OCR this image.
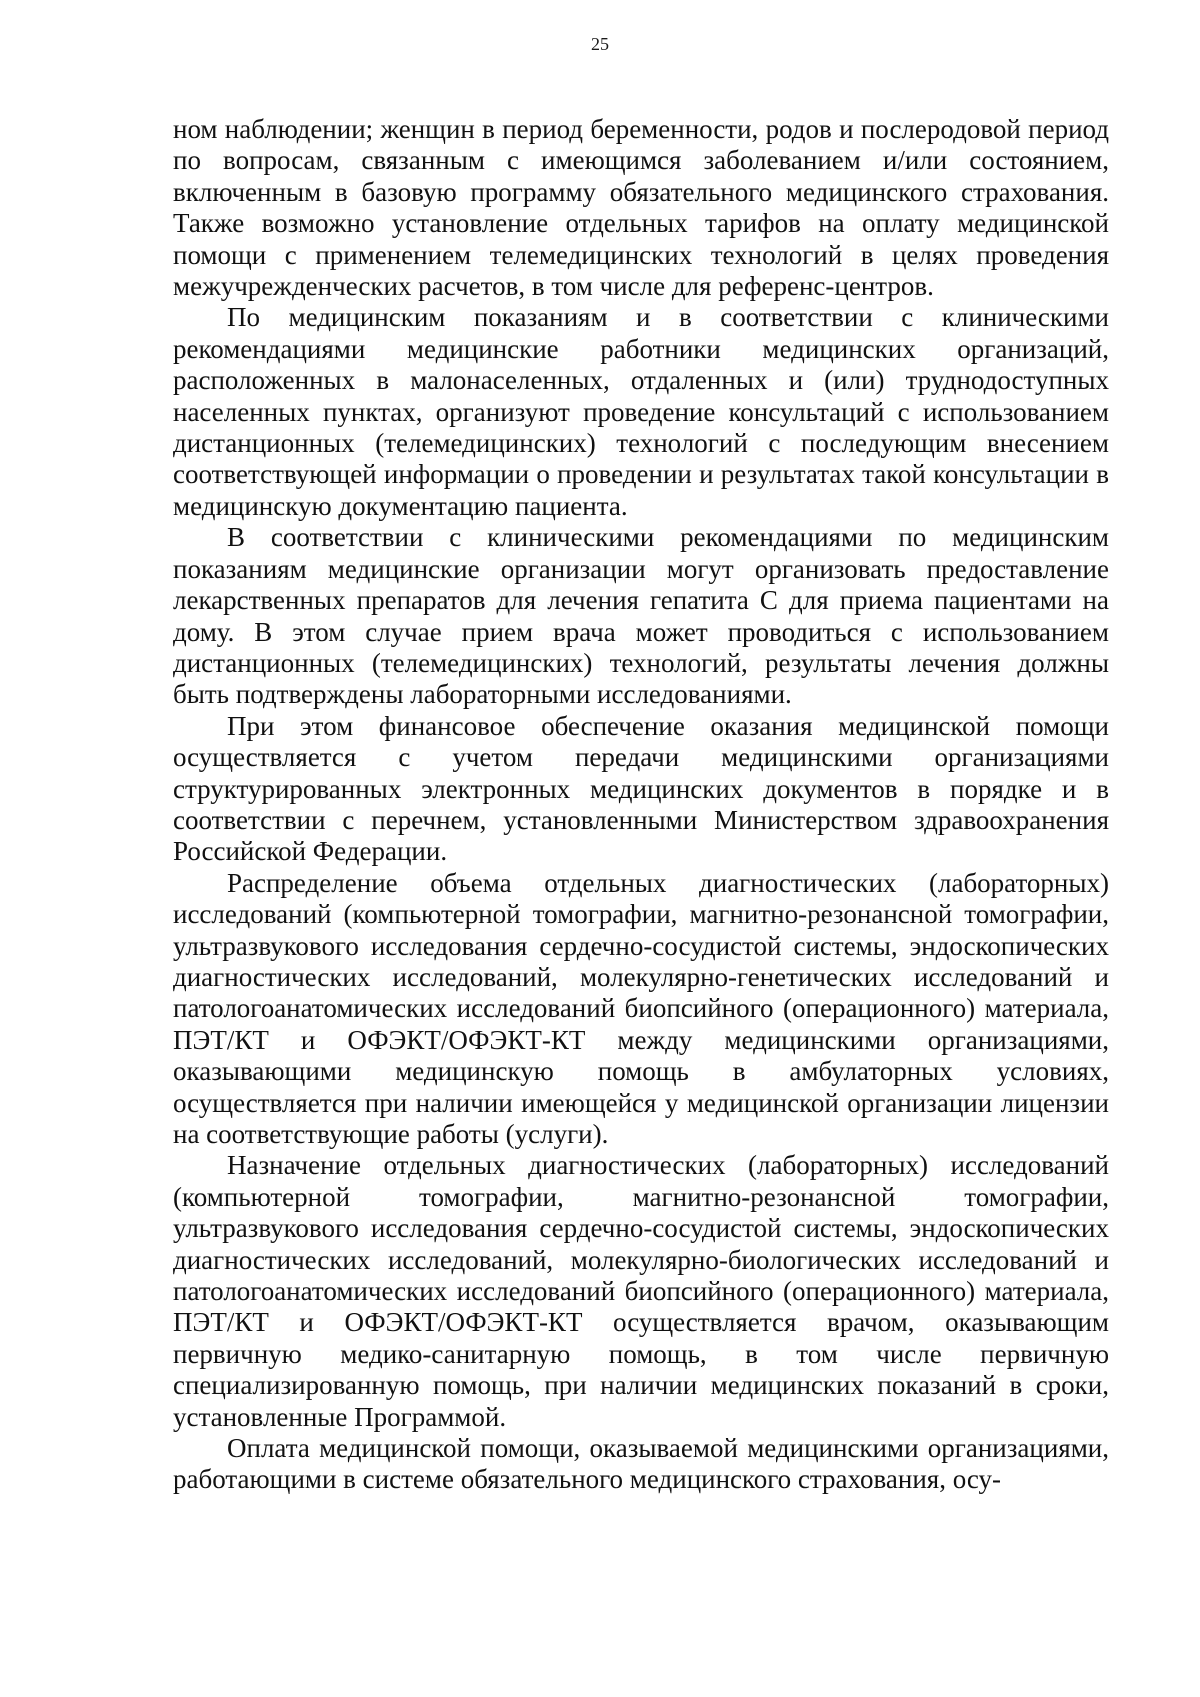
25

ном наблюдении; женщин в период беременности, родов и послеродовой период по вопросам, связанным с имеющимся заболеванием и/или состоянием, включенным в базовую программу обязательного медицинского страхования. Также возможно установление отдельных тарифов на оплату медицинской помощи с применением телемедицинских технологий в целях проведения межучрежденческих расчетов, в том числе для референс-центров.

По медицинским показаниям и в соответствии с клиническими рекомендациями медицинские работники медицинских организаций, расположенных в малонаселенных, отдаленных и (или) труднодоступных населенных пунктах, организуют проведение консультаций с использованием дистанционных (телемедицинских) технологий с последующим внесением соответствующей информации о проведении и результатах такой консультации в медицинскую документацию пациента.

В соответствии с клиническими рекомендациями по медицинским показаниям медицинские организации могут организовать предоставление лекарственных препаратов для лечения гепатита С для приема пациентами на дому. В этом случае прием врача может проводиться с использованием дистанционных (телемедицинских) технологий, результаты лечения должны быть подтверждены лабораторными исследованиями.

При этом финансовое обеспечение оказания медицинской помощи осуществляется с учетом передачи медицинскими организациями структурированных электронных медицинских документов в порядке и в соответствии с перечнем, установленными Министерством здравоохранения Российской Федерации.

Распределение объема отдельных диагностических (лабораторных) исследований (компьютерной томографии, магнитно-резонансной томографии, ультразвукового исследования сердечно-сосудистой системы, эндоскопических диагностических исследований, молекулярно-генетических исследований и патологоанатомических исследований биопсийного (операционного) материала, ПЭТ/КТ и ОФЭКТ/ОФЭКТ-КТ между медицинскими организациями, оказывающими медицинскую помощь в амбулаторных условиях, осуществляется при наличии имеющейся у медицинской организации лицензии на соответствующие работы (услуги).

Назначение отдельных диагностических (лабораторных) исследований (компьютерной томографии, магнитно-резонансной томографии, ультразвукового исследования сердечно-сосудистой системы, эндоскопических диагностических исследований, молекулярно-биологических исследований и патологоанатомических исследований биопсийного (операционного) материала, ПЭТ/КТ и ОФЭКТ/ОФЭКТ-КТ осуществляется врачом, оказывающим первичную медико-санитарную помощь, в том числе первичную специализированную помощь, при наличии медицинских показаний в сроки, установленные Программой.

Оплата медицинской помощи, оказываемой медицинскими организациями, работающими в системе обязательного медицинского страхования, осу-
